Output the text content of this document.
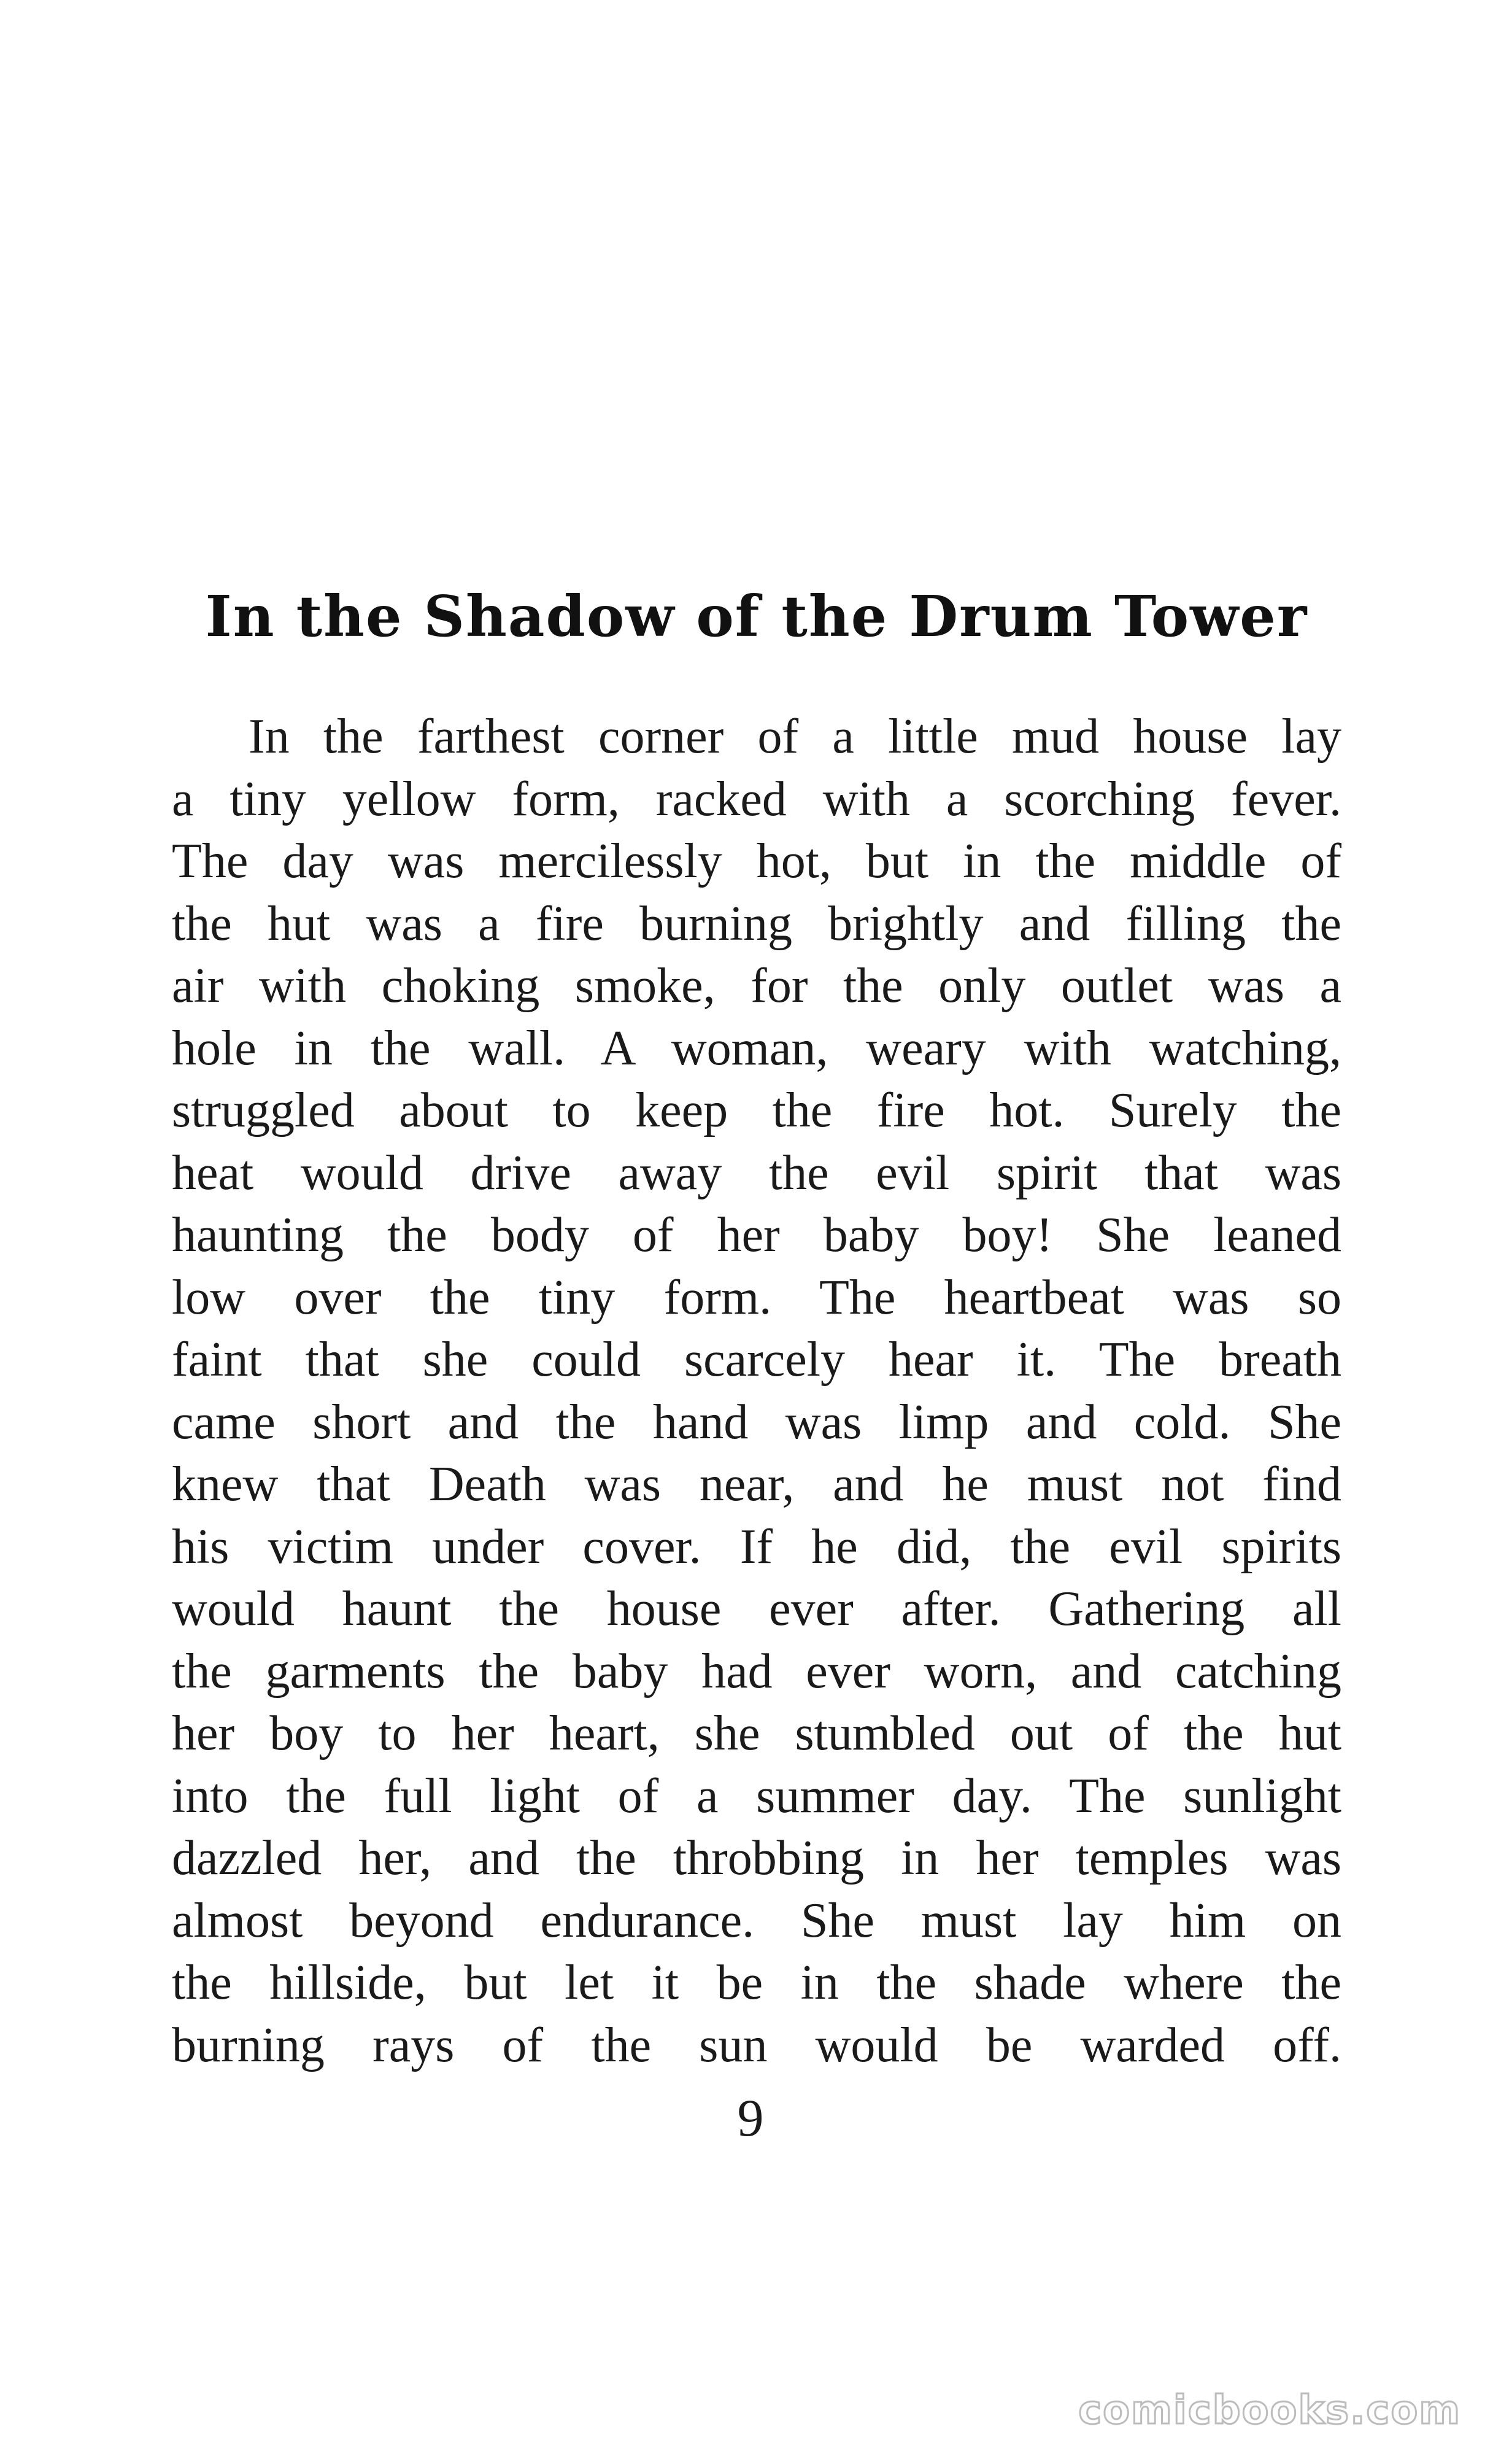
In the Shadow of the Drum Tower
In the farthest corner of a little mud house lay
a tiny yellow form, racked with a scorching fever.
The day was mercilessly hot, but in the middle of
the hut was a fire burning brightly and filling the
air with choking smoke, for the only outlet was a
hole in the wall. A woman, weary with watching,
struggled about to keep the fire hot. Surely the
heat would drive away the evil spirit that was
haunting the body of her baby boy! She leaned
low over the tiny form. The heartbeat was so
faint that she could scarcely hear it. The breath
came short and the hand was limp and cold. She
knew that Death was near, and he must not find
his victim under cover. If he did, the evil spirits
would haunt the house ever after. Gathering all
the garments the baby had ever worn, and catching
her boy to her heart, she stumbled out of the hut
into the full light of a summer day. The sunlight
dazzled her, and the throbbing in her temples was
almost beyond endurance. She must lay him on
the hillside, but let it be in the shade where the
burning rays of the sun would be warded off.
9
comicbooks.com
